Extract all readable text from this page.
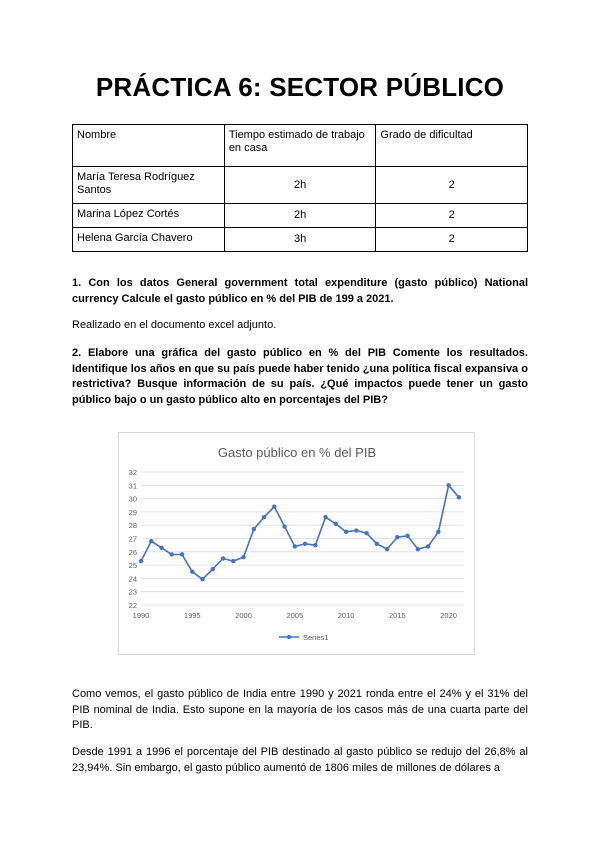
PRÁCTICA 6: SECTOR PÚBLICO
Nombre	Tiempo estimado de trabajo en casa	Grado de dificultad
María Teresa Rodríguez Santos	2h	2
Marina López Cortés	2h	2
Helena García Chavero	3h	2

1. Con los datos General government total expenditure (gasto público) National currency Calcule el gasto público en % del PIB de 199 a 2021.

Realizado en el documento excel adjunto.

2. Elabore una gráfica del gasto público en % del PIB Comente los resultados. Identifique los años en que su país puede haber tenido ¿una política fiscal expansiva o restrictiva? Busque información de su país. ¿Qué impactos puede tener un gasto público bajo o un gasto público alto en porcentajes del PIB?

Gasto público en % del PIB
22
23
24
25
26
27
28
29
30
31
32
1990	1995	2000	2005	2010	2015	2020
Series1

Como vemos, el gasto público de India entre 1990 y 2021 ronda entre el 24% y el 31% del PIB nominal de India. Esto supone en la mayoría de los casos más de una cuarta parte del PIB.

Desde 1991 a 1996 el porcentaje del PIB destinado al gasto público se redujo del 26,8% al 23,94%. Sin embargo, el gasto público aumentó de 1806 miles de millones de dólares a
